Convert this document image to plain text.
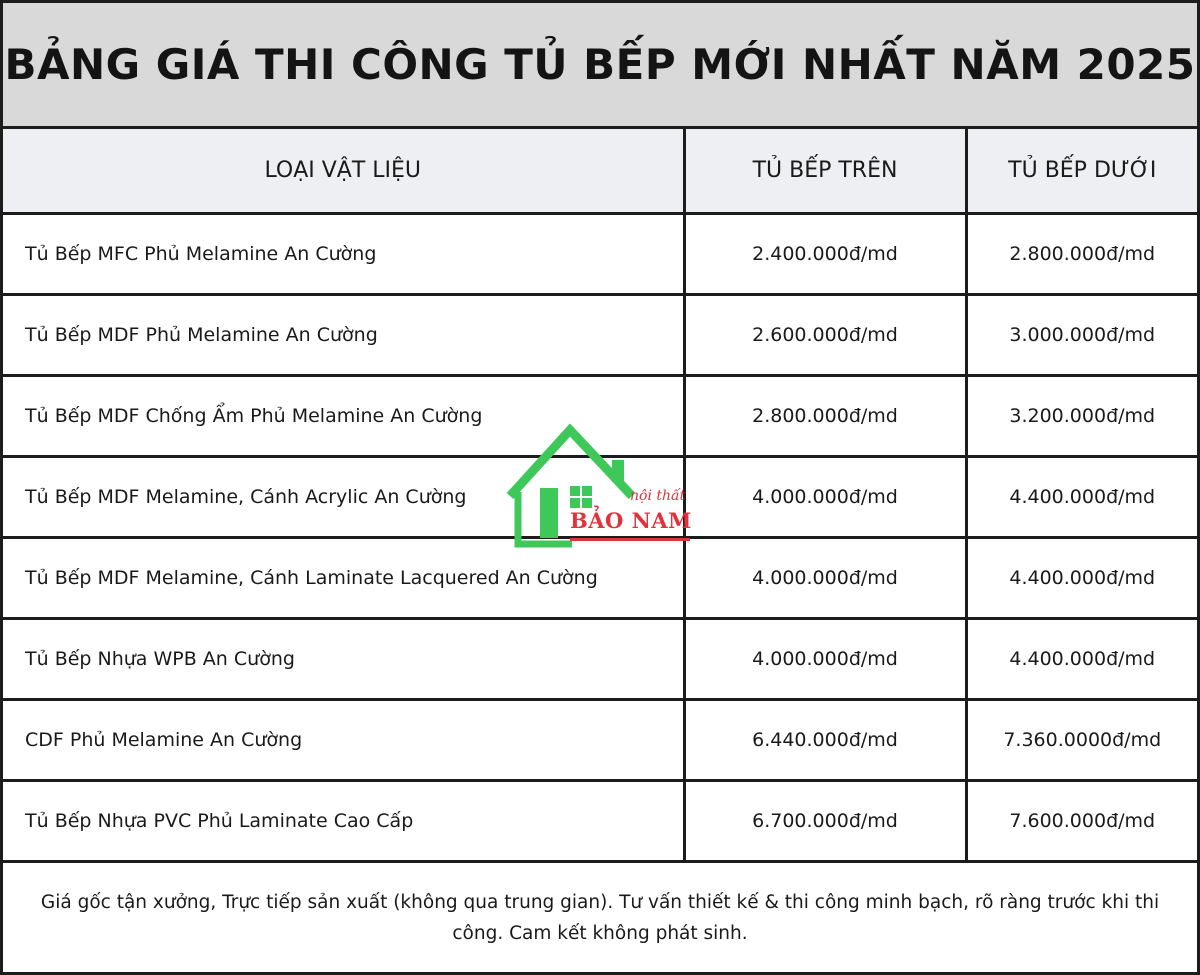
BẢNG GIÁ THI CÔNG TỦ BẾP MỚI NHẤT NĂM 2025
LOẠI VẬT LIỆU	TỦ BẾP TRÊN	TỦ BẾP DƯỚI
Tủ Bếp MFC Phủ Melamine An Cường	2.400.000đ/md	2.800.000đ/md
Tủ Bếp MDF Phủ Melamine An Cường	2.600.000đ/md	3.000.000đ/md
Tủ Bếp MDF Chống Ẩm Phủ Melamine An Cường	2.800.000đ/md	3.200.000đ/md
Tủ Bếp MDF Melamine, Cánh Acrylic An Cường	4.000.000đ/md	4.400.000đ/md
Tủ Bếp MDF Melamine, Cánh Laminate Lacquered An Cường	4.000.000đ/md	4.400.000đ/md
Tủ Bếp Nhựa WPB An Cường	4.000.000đ/md	4.400.000đ/md
CDF Phủ Melamine An Cường	6.440.000đ/md	7.360.0000đ/md
Tủ Bếp Nhựa PVC Phủ Laminate Cao Cấp	6.700.000đ/md	7.600.000đ/md
Giá gốc tận xưởng, Trực tiếp sản xuất (không qua trung gian). Tư vấn thiết kế & thi công minh bạch, rõ ràng trước khi thi công. Cam kết không phát sinh.
nội thất
BẢO NAM
